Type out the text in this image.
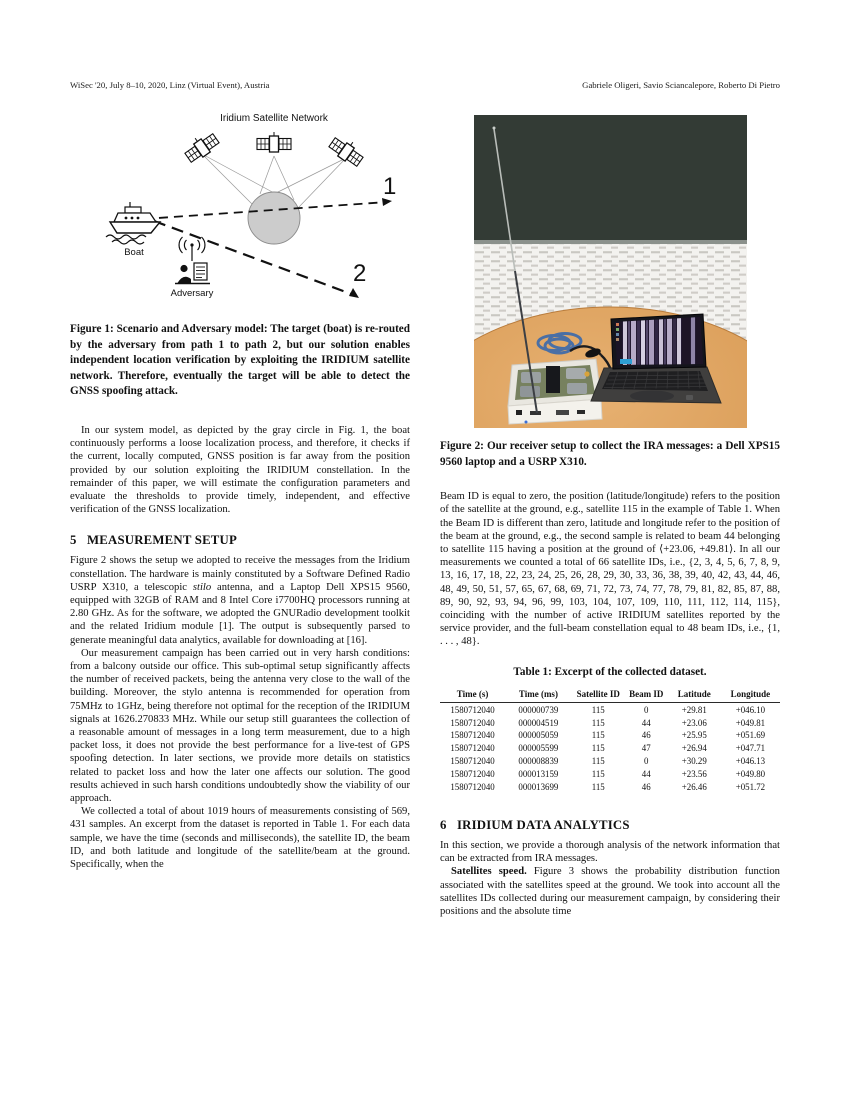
WiSec '20, July 8–10, 2020, Linz (Virtual Event), Austria	Gabriele Oligeri, Savio Sciancalepore, Roberto Di Pietro
Iridium Satellite Network
1
2
Boat
Adversary
Figure 1: Scenario and Adversary model: The target (boat) is re-routed by the adversary from path 1 to path 2, but our solution enables independent location verification by exploiting the IRIDIUM satellite network. Therefore, eventually the target will be able to detect the GNSS spoofing attack.

In our system model, as depicted by the gray circle in Fig. 1, the boat continuously performs a loose localization process, and therefore, it checks if the current, locally computed, GNSS position is far away from the position provided by our solution exploiting the IRIDIUM constellation. In the remainder of this paper, we will estimate the configuration parameters and evaluate the thresholds to provide timely, independent, and effective verification of the GNSS localization.

5 MEASUREMENT SETUP

Figure 2 shows the setup we adopted to receive the messages from the Iridium constellation. The hardware is mainly constituted by a Software Defined Radio USRP X310, a telescopic stilo antenna, and a Laptop Dell XPS15 9560, equipped with 32GB of RAM and 8 Intel Core i7700HQ processors running at 2.80 GHz. As for the software, we adopted the GNURadio development toolkit and the related Iridium module [1]. The output is subsequently parsed to generate meaningful data analytics, available for downloading at [16].

Our measurement campaign has been carried out in very harsh conditions: from a balcony outside our office. This sub-optimal setup significantly affects the number of received packets, being the antenna very close to the wall of the building. Moreover, the stylo antenna is recommended for operation from 75MHz to 1GHz, being therefore not optimal for the reception of the IRIDIUM signals at 1626.270833 MHz. While our setup still guarantees the collection of a reasonable amount of messages in a long term measurement, due to a high packet loss, it does not provide the best performance for a live-test of GPS spoofing detection. In later sections, we provide more details on statistics related to packet loss and how the later one affects our solution. The good results achieved in such harsh conditions undoubtedly show the viability of our approach.

We collected a total of about 1019 hours of measurements consisting of 569, 431 samples. An excerpt from the dataset is reported in Table 1. For each data sample, we have the time (seconds and milliseconds), the satellite ID, the beam ID, and both latitude and longitude of the satellite/beam at the ground. Specifically, when the

Figure 2: Our receiver setup to collect the IRA messages: a Dell XPS15 9560 laptop and a USRP X310.

Beam ID is equal to zero, the position (latitude/longitude) refers to the position of the satellite at the ground, e.g., satellite 115 in the example of Table 1. When the Beam ID is different than zero, latitude and longitude refer to the position of the beam at the ground, e.g., the second sample is related to beam 44 belonging to satellite 115 having a position at the ground of ⟨+23.06, +49.81⟩. In all our measurements we counted a total of 66 satellite IDs, i.e., {2, 3, 4, 5, 6, 7, 8, 9, 13, 16, 17, 18, 22, 23, 24, 25, 26, 28, 29, 30, 33, 36, 38, 39, 40, 42, 43, 44, 46, 48, 49, 50, 51, 57, 65, 67, 68, 69, 71, 72, 73, 74, 77, 78, 79, 81, 82, 85, 87, 88, 89, 90, 92, 93, 94, 96, 99, 103, 104, 107, 109, 110, 111, 112, 114, 115}, coinciding with the number of active IRIDIUM satellites reported by the service provider, and the full-beam constellation equal to 48 beam IDs, i.e., {1, . . . , 48}.

Table 1: Excerpt of the collected dataset.
Time (s)	Time (ms)	Satellite ID	Beam ID	Latitude	Longitude
1580712040	000000739	115	0	+29.81	+046.10
1580712040	000004519	115	44	+23.06	+049.81
1580712040	000005059	115	46	+25.95	+051.69
1580712040	000005599	115	47	+26.94	+047.71
1580712040	000008839	115	0	+30.29	+046.13
1580712040	000013159	115	44	+23.56	+049.80
1580712040	000013699	115	46	+26.46	+051.72
6 IRIDIUM DATA ANALYTICS

In this section, we provide a thorough analysis of the network information that can be extracted from IRA messages.

Satellites speed. Figure 3 shows the probability distribution function associated with the satellites speed at the ground. We took into account all the satellites IDs collected during our measurement campaign, by considering their positions and the absolute time
